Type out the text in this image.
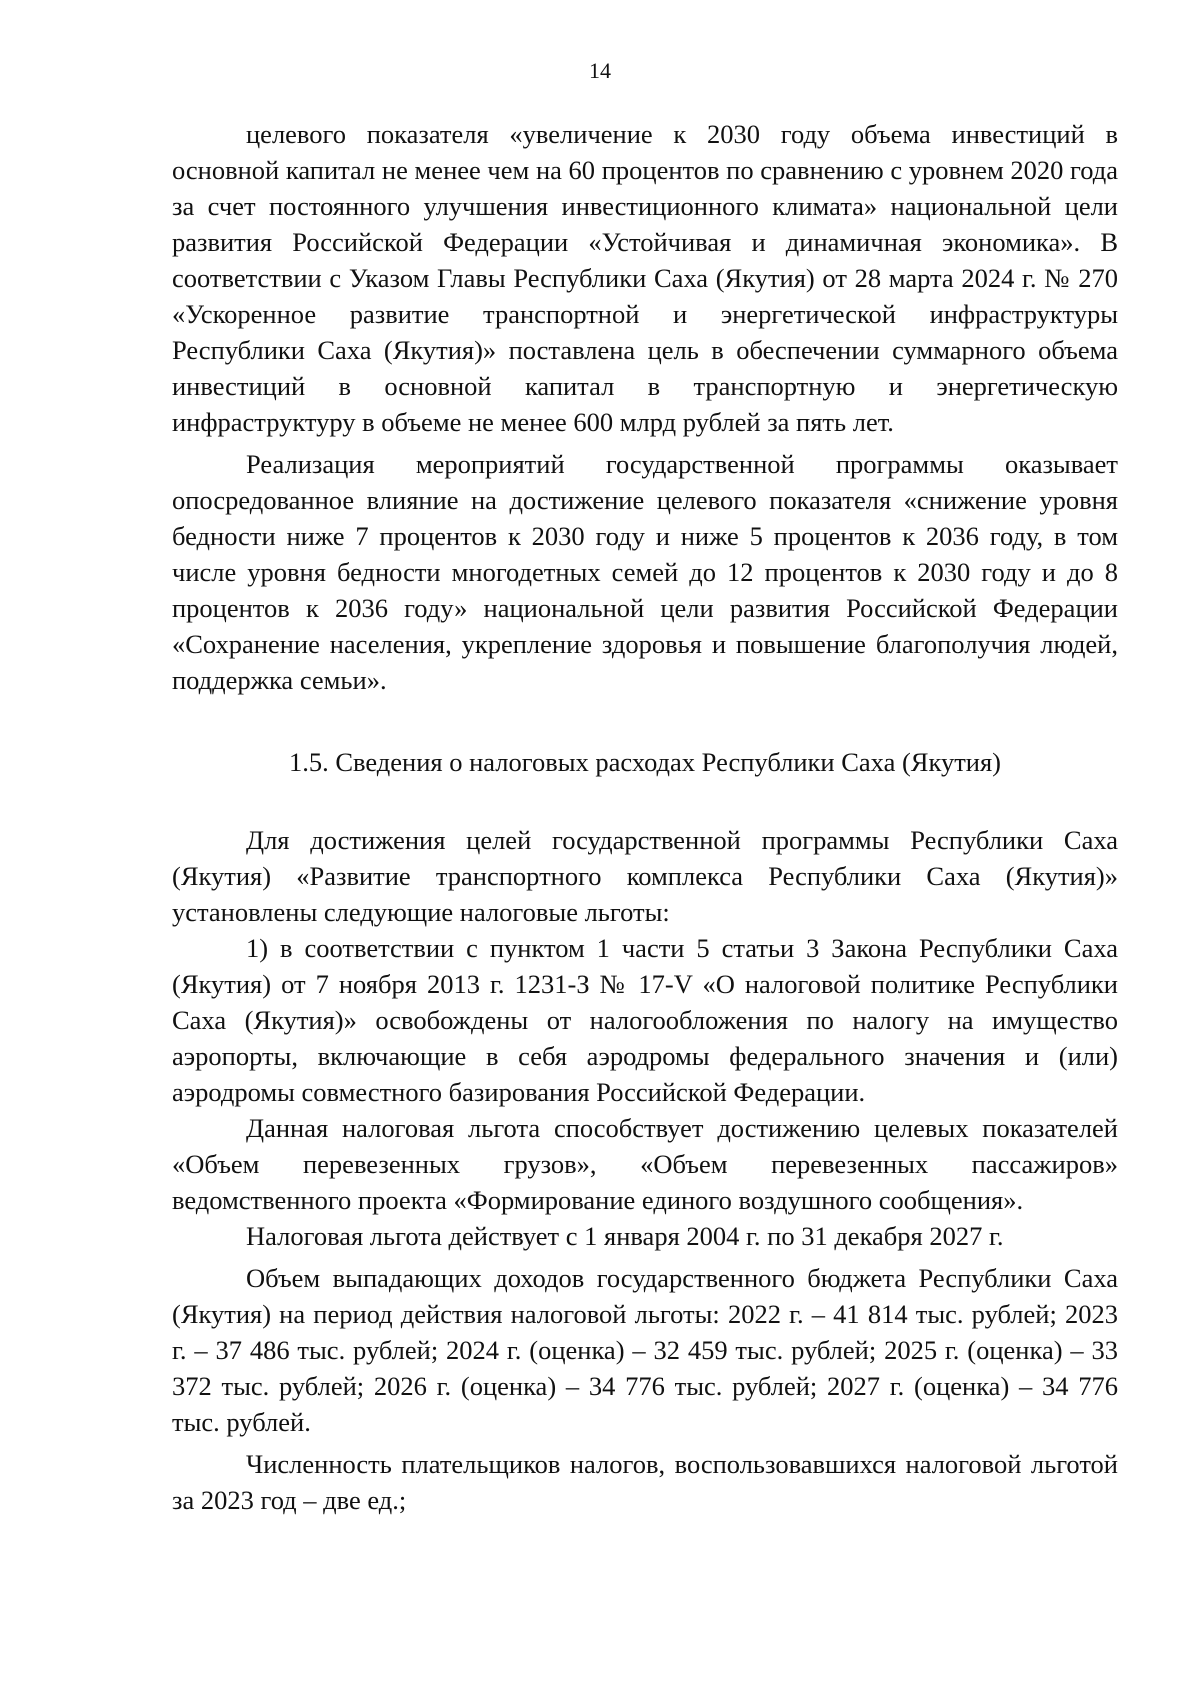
14

целевого показателя «увеличение к 2030 году объема инвестиций в основной капитал не менее чем на 60 процентов по сравнению с уровнем 2020 года за счет постоянного улучшения инвестиционного климата» национальной цели развития Российской Федерации «Устойчивая и динамичная экономика». В соответствии с Указом Главы Республики Саха (Якутия) от 28 марта 2024 г. № 270 «Ускоренное развитие транспортной и энергетической инфраструктуры Республики Саха (Якутия)» поставлена цель в обеспечении суммарного объема инвестиций в основной капитал в транспортную и энергетическую инфраструктуру в объеме не менее 600 млрд рублей за пять лет.

Реализация мероприятий государственной программы оказывает опосредованное влияние на достижение целевого показателя «снижение уровня бедности ниже 7 процентов к 2030 году и ниже 5 процентов к 2036 году, в том числе уровня бедности многодетных семей до 12 процентов к 2030 году и до 8 процентов к 2036 году» национальной цели развития Российской Федерации «Сохранение населения, укрепление здоровья и повышение благополучия людей, поддержка семьи».

1.5. Сведения о налоговых расходах Республики Саха (Якутия)

Для достижения целей государственной программы Республики Саха (Якутия) «Развитие транспортного комплекса Республики Саха (Якутия)» установлены следующие налоговые льготы:

1) в соответствии с пунктом 1 части 5 статьи 3 Закона Республики Саха (Якутия) от 7 ноября 2013 г. 1231-З № 17-V «О налоговой политике Республики Саха (Якутия)» освобождены от налогообложения по налогу на имущество аэропорты, включающие в себя аэродромы федерального значения и (или) аэродромы совместного базирования Российской Федерации.

Данная налоговая льгота способствует достижению целевых показателей «Объем перевезенных грузов», «Объем перевезенных пассажиров» ведомственного проекта «Формирование единого воздушного сообщения».

Налоговая льгота действует с 1 января 2004 г. по 31 декабря 2027 г.

Объем выпадающих доходов государственного бюджета Республики Саха (Якутия) на период действия налоговой льготы: 2022 г. – 41 814 тыс. рублей; 2023 г. – 37 486 тыс. рублей; 2024 г. (оценка) – 32 459 тыс. рублей; 2025 г. (оценка) – 33 372 тыс. рублей; 2026 г. (оценка) – 34 776 тыс. рублей; 2027 г. (оценка) – 34 776 тыс. рублей.

Численность плательщиков налогов, воспользовавшихся налоговой льготой за 2023 год – две ед.;
